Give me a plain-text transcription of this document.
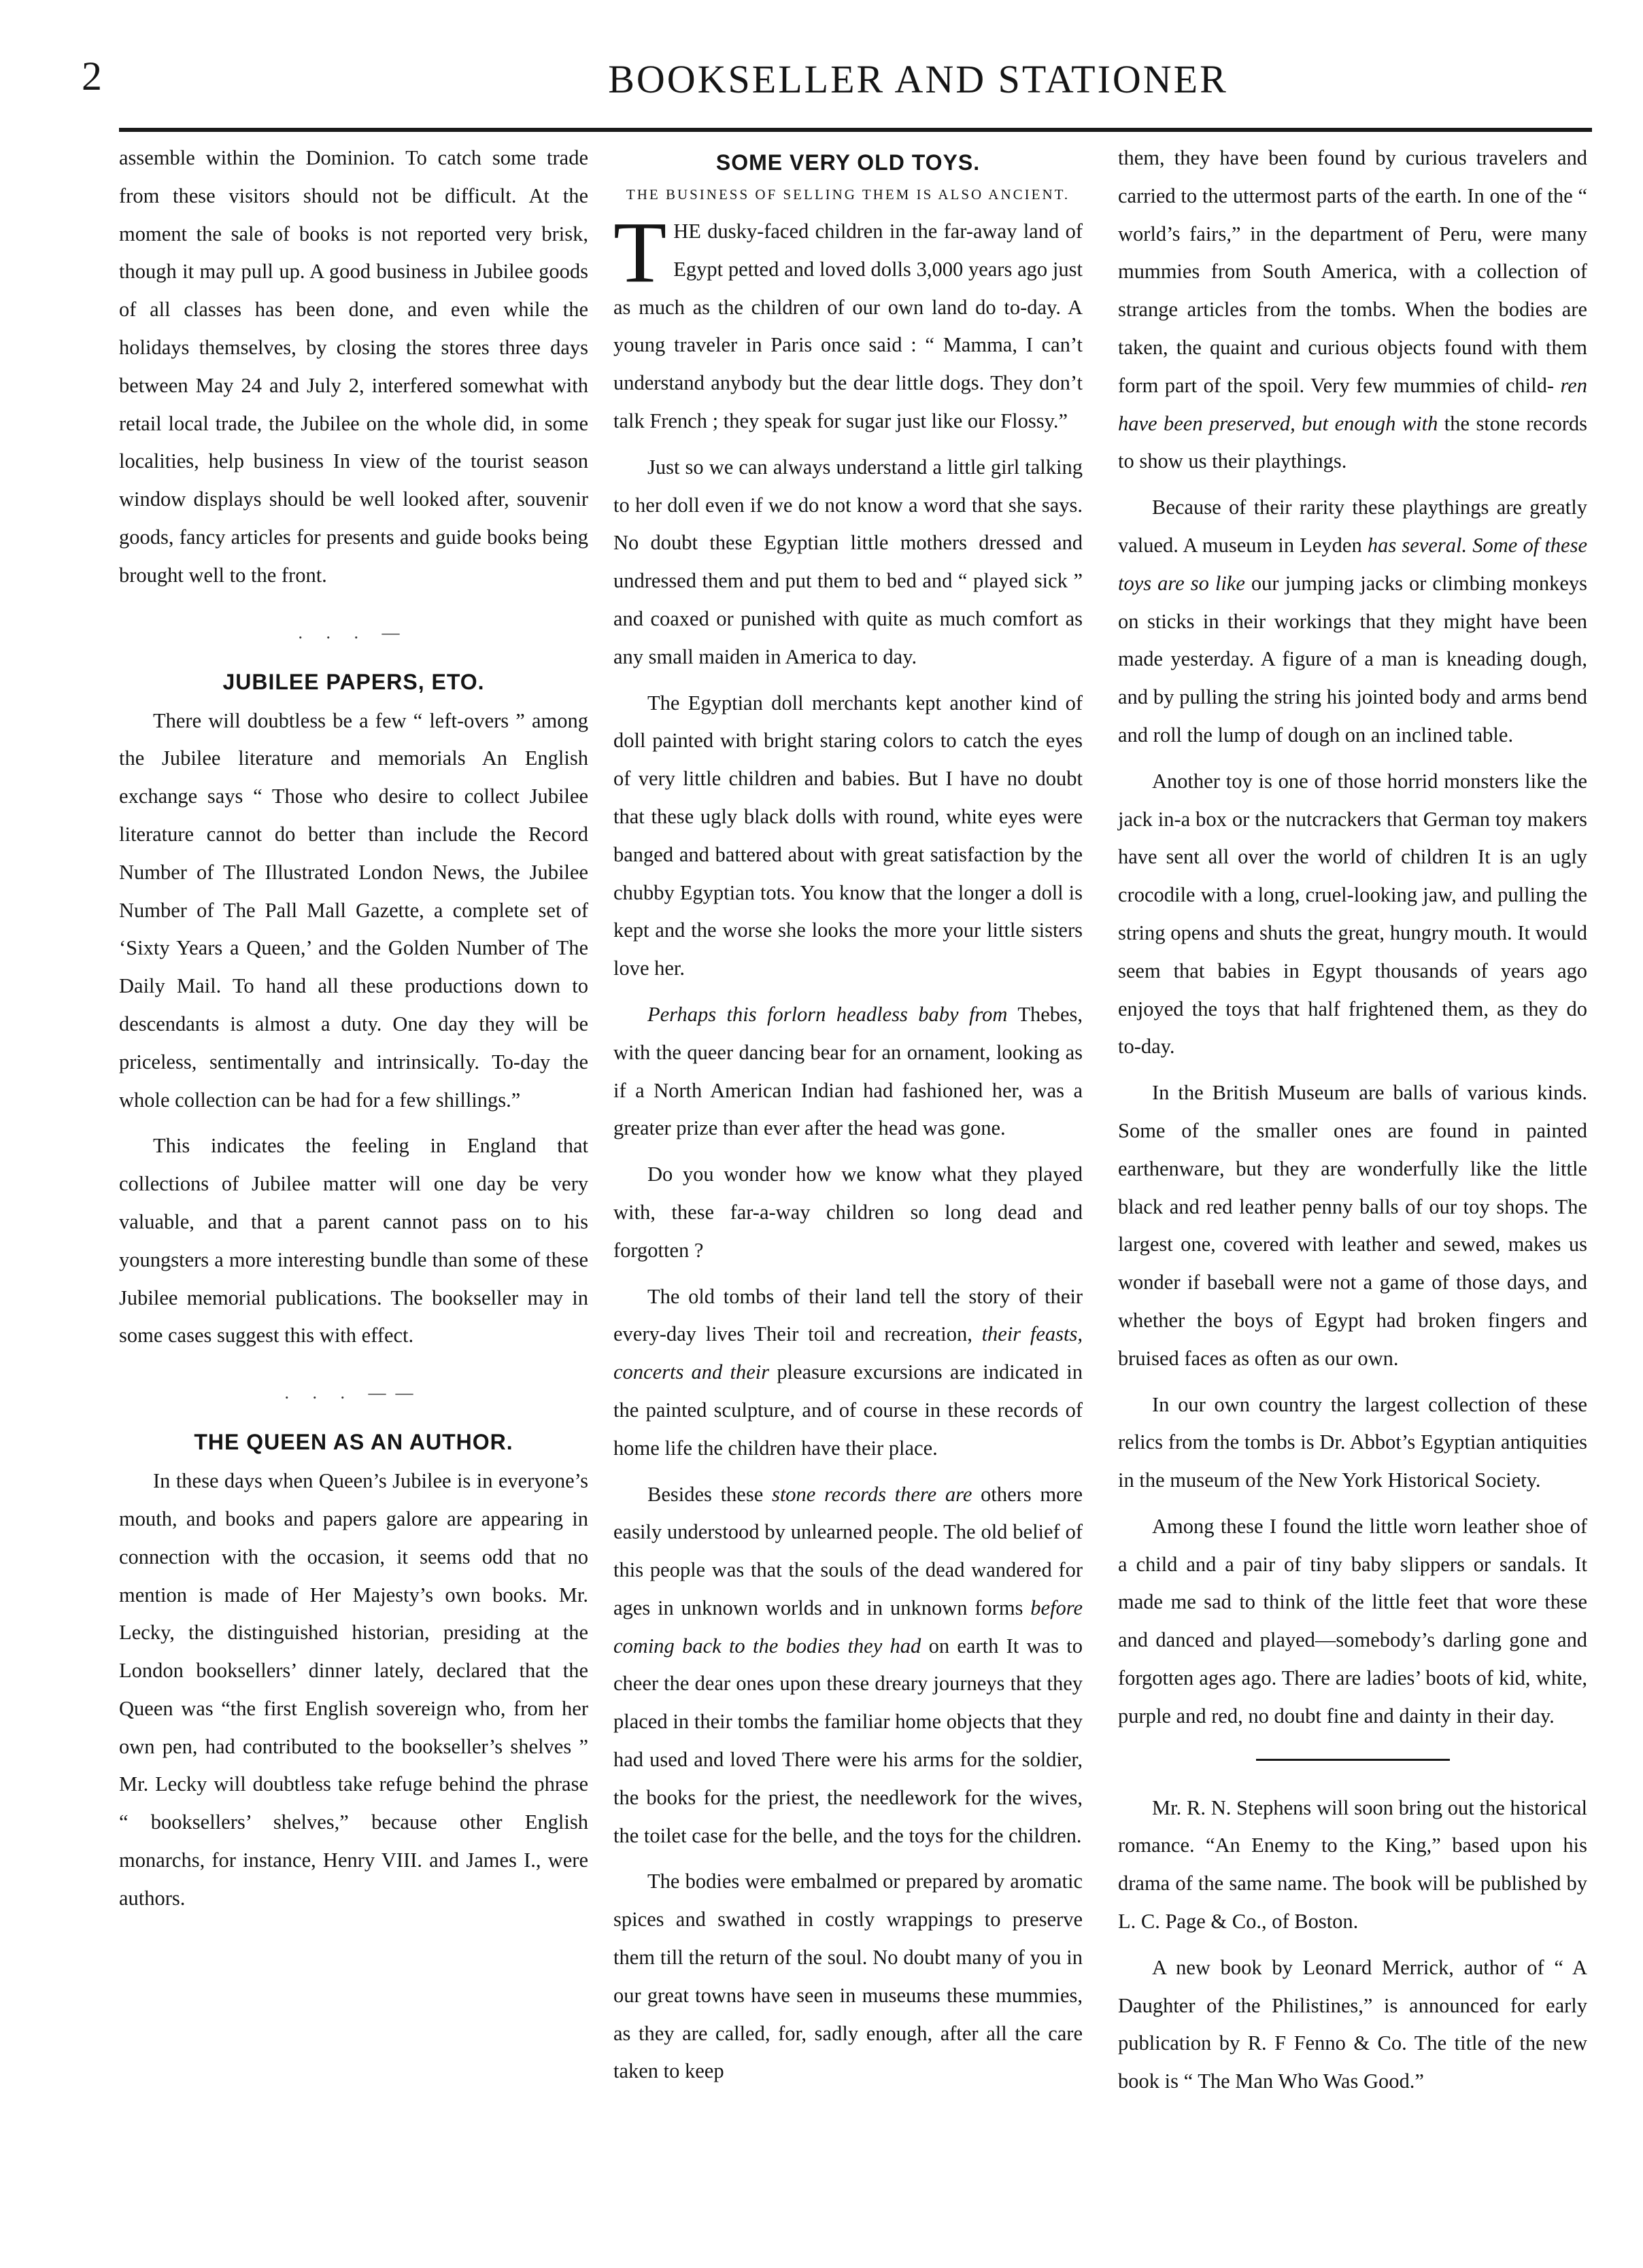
2	BOOKSELLER AND STATIONER

assemble within the Dominion. To catch some trade from these visitors should not be difficult. At the moment the sale of books is not reported very brisk, though it may pull up. A good business in Jubilee goods of all classes has been done, and even while the holidays themselves, by closing the stores three days between May 24 and July 2, interfered somewhat with retail local trade, the Jubilee on the whole did, in some localities, help business In view of the tourist season window displays should be well looked after, souvenir goods, fancy articles for presents and guide books being brought well to the front.

. . . —
JUBILEE PAPERS, ETO.

There will doubtless be a few “ left-overs ” among the Jubilee literature and memorials An English exchange says “ Those who desire to collect Jubilee literature cannot do better than include the Record Number of The Illustrated London News, the Jubilee Number of The Pall Mall Gazette, a complete set of ‘Sixty Years a Queen,’ and the Golden Number of The Daily Mail. To hand all these productions down to descendants is almost a duty. One day they will be priceless, sentimentally and intrinsically. To-day the whole collection can be had for a few shillings.”

This indicates the feeling in England that collections of Jubilee matter will one day be very valuable, and that a parent cannot pass on to his youngsters a more interesting bundle than some of these Jubilee memorial publications. The bookseller may in some cases suggest this with effect.

. . . ——
THE QUEEN AS AN AUTHOR.

In these days when Queen’s Jubilee is in everyone’s mouth, and books and papers galore are appearing in connection with the occasion, it seems odd that no mention is made of Her Majesty’s own books. Mr. Lecky, the distinguished historian, presiding at the London booksellers’ dinner lately, declared that the Queen was “the first English sovereign who, from her own pen, had contributed to the bookseller’s shelves ” Mr. Lecky will doubtless take refuge behind the phrase “ booksellers’ shelves,” because other English monarchs, for instance, Henry VIII. and James I., were authors.

SOME VERY OLD TOYS.
THE BUSINESS OF SELLING THEM IS ALSO ANCIENT.

THE dusky-faced children in the far-away land of Egypt petted and loved dolls 3,000 years ago just as much as the children of our own land do to-day. A young traveler in Paris once said : “ Mamma, I can’t understand anybody but the dear little dogs. They don’t talk French ; they speak for sugar just like our Flossy.”

Just so we can always understand a little girl talking to her doll even if we do not know a word that she says. No doubt these Egyptian little mothers dressed and undressed them and put them to bed and “ played sick ” and coaxed or punished with quite as much comfort as any small maiden in America to day.

The Egyptian doll merchants kept another kind of doll painted with bright staring colors to catch the eyes of very little children and babies. But I have no doubt that these ugly black dolls with round, white eyes were banged and battered about with great satisfaction by the chubby Egyptian tots. You know that the longer a doll is kept and the worse she looks the more your little sisters love her.

Perhaps this forlorn headless baby from Thebes, with the queer dancing bear for an ornament, looking as if a North American Indian had fashioned her, was a greater prize than ever after the head was gone.

Do you wonder how we know what they played with, these far-a-way children so long dead and forgotten ?

The old tombs of their land tell the story of their every-day lives Their toil and recreation, their feasts, concerts and their pleasure excursions are indicated in the painted sculpture, and of course in these records of home life the children have their place.

Besides these stone records there are others more easily understood by unlearned people. The old belief of this people was that the souls of the dead wandered for ages in unknown worlds and in unknown forms before coming back to the bodies they had on earth It was to cheer the dear ones upon these dreary journeys that they placed in their tombs the familiar home objects that they had used and loved There were his arms for the soldier, the books for the priest, the needlework for the wives, the toilet case for the belle, and the toys for the children.

The bodies were embalmed or prepared by aromatic spices and swathed in costly wrappings to preserve them till the return of the soul. No doubt many of you in our great towns have seen in museums these mummies, as they are called, for, sadly enough, after all the care taken to keep

them, they have been found by curious travelers and carried to the uttermost parts of the earth. In one of the “ world’s fairs,” in the department of Peru, were many mummies from South America, with a collection of strange articles from the tombs. When the bodies are taken, the quaint and curious objects found with them form part of the spoil. Very few mummies of child- ren have been preserved, but enough with the stone records to show us their playthings.

Because of their rarity these playthings are greatly valued. A museum in Leyden has several. Some of these toys are so like our jumping jacks or climbing monkeys on sticks in their workings that they might have been made yesterday. A figure of a man is kneading dough, and by pulling the string his jointed body and arms bend and roll the lump of dough on an inclined table.

Another toy is one of those horrid monsters like the jack in-a box or the nutcrackers that German toy makers have sent all over the world of children It is an ugly crocodile with a long, cruel-looking jaw, and pulling the string opens and shuts the great, hungry mouth. It would seem that babies in Egypt thousands of years ago enjoyed the toys that half frightened them, as they do to-day.

In the British Museum are balls of various kinds. Some of the smaller ones are found in painted earthenware, but they are wonderfully like the little black and red leather penny balls of our toy shops. The largest one, covered with leather and sewed, makes us wonder if baseball were not a game of those days, and whether the boys of Egypt had broken fingers and bruised faces as often as our own.

In our own country the largest collection of these relics from the tombs is Dr. Abbot’s Egyptian antiquities in the museum of the New York Historical Society.

Among these I found the little worn leather shoe of a child and a pair of tiny baby slippers or sandals. It made me sad to think of the little feet that wore these and danced and played—somebody’s darling gone and forgotten ages ago. There are ladies’ boots of kid, white, purple and red, no doubt fine and dainty in their day.

Mr. R. N. Stephens will soon bring out the historical romance. “An Enemy to the King,” based upon his drama of the same name. The book will be published by L. C. Page & Co., of Boston.

A new book by Leonard Merrick, author of “ A Daughter of the Philistines,” is announced for early publication by R. F Fenno & Co. The title of the new book is “ The Man Who Was Good.”
